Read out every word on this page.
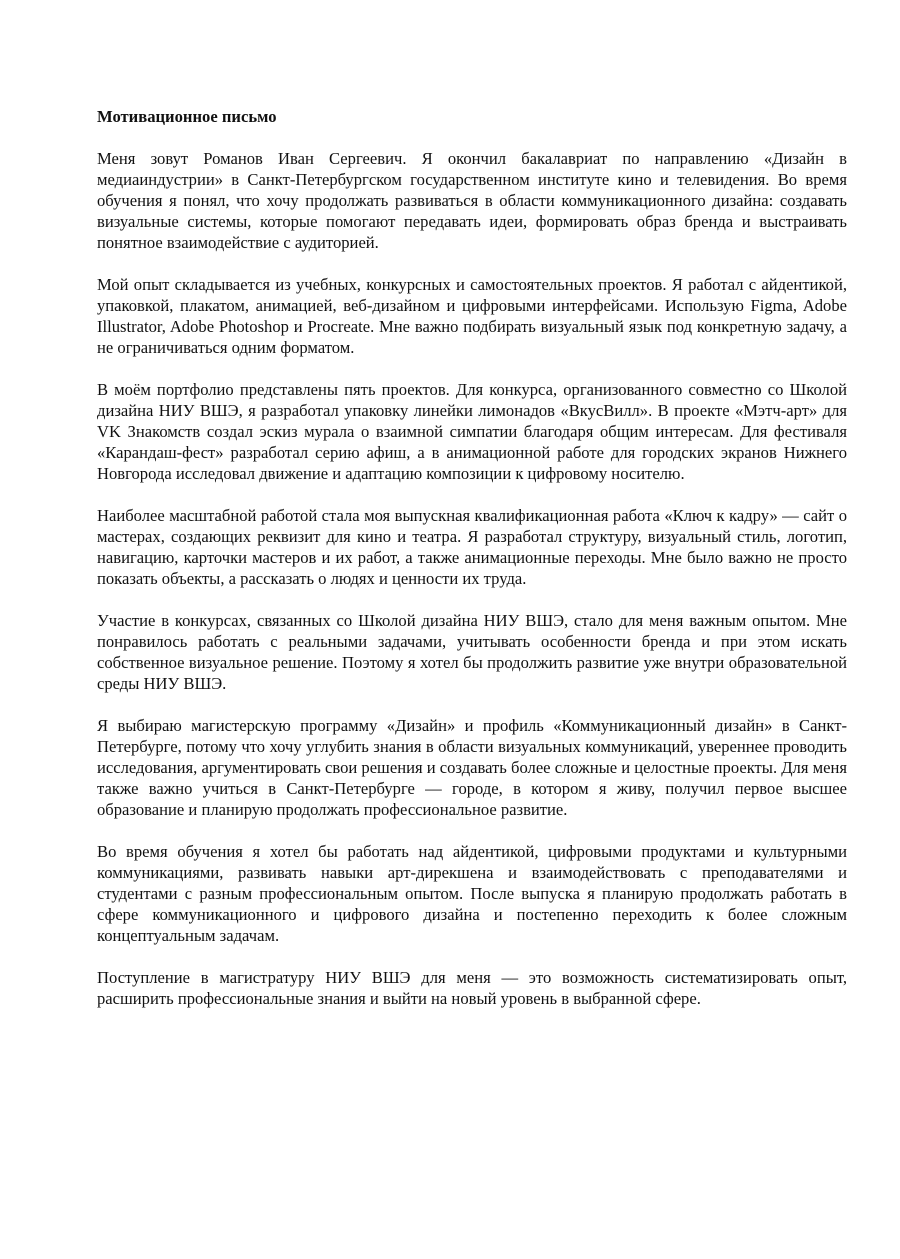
Мотивационное письмо

Меня зовут Романов Иван Сергеевич. Я окончил бакалавриат по направлению «Дизайн в медиаиндустрии» в Санкт-Петербургском государственном институте кино и телевидения. Во время обучения я понял, что хочу продолжать развиваться в области коммуникационного дизайна: создавать визуальные системы, которые помогают передавать идеи, формировать образ бренда и выстраивать понятное взаимодействие с аудиторией.

Мой опыт складывается из учебных, конкурсных и самостоятельных проектов. Я работал с айдентикой, упаковкой, плакатом, анимацией, веб-дизайном и цифровыми интерфейсами. Использую Figma, Adobe Illustrator, Adobe Photoshop и Procreate. Мне важно подбирать визуальный язык под конкретную задачу, а не ограничиваться одним форматом.

В моём портфолио представлены пять проектов. Для конкурса, организованного совместно со Школой дизайна НИУ ВШЭ, я разработал упаковку линейки лимонадов «ВкусВилл». В проекте «Мэтч-арт» для VK Знакомств создал эскиз мурала о взаимной симпатии благодаря общим интересам. Для фестиваля «Карандаш-фест» разработал серию афиш, а в анимационной работе для городских экранов Нижнего Новгорода исследовал движение и адаптацию композиции к цифровому носителю.

Наиболее масштабной работой стала моя выпускная квалификационная работа «Ключ к кадру» — сайт о мастерах, создающих реквизит для кино и театра. Я разработал структуру, визуальный стиль, логотип, навигацию, карточки мастеров и их работ, а также анимационные переходы. Мне было важно не просто показать объекты, а рассказать о людях и ценности их труда.

Участие в конкурсах, связанных со Школой дизайна НИУ ВШЭ, стало для меня важным опытом. Мне понравилось работать с реальными задачами, учитывать особенности бренда и при этом искать собственное визуальное решение. Поэтому я хотел бы продолжить развитие уже внутри образовательной среды НИУ ВШЭ.

Я выбираю магистерскую программу «Дизайн» и профиль «Коммуникационный дизайн» в Санкт-Петербурге, потому что хочу углубить знания в области визуальных коммуникаций, увереннее проводить исследования, аргументировать свои решения и создавать более сложные и целостные проекты. Для меня также важно учиться в Санкт-Петербурге — городе, в котором я живу, получил первое высшее образование и планирую продолжать профессиональное развитие.

Во время обучения я хотел бы работать над айдентикой, цифровыми продуктами и культурными коммуникациями, развивать навыки арт-дирекшена и взаимодействовать с преподавателями и студентами с разным профессиональным опытом. После выпуска я планирую продолжать работать в сфере коммуникационного и цифрового дизайна и постепенно переходить к более сложным концептуальным задачам.

Поступление в магистратуру НИУ ВШЭ для меня — это возможность систематизировать опыт, расширить профессиональные знания и выйти на новый уровень в выбранной сфере.
